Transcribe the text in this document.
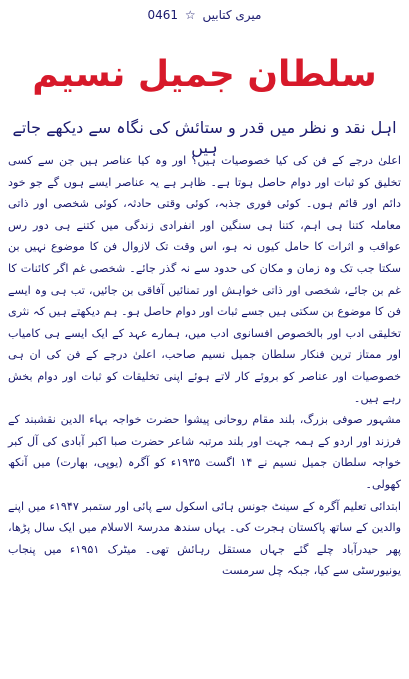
میری کتابیں ☆ 0461
سلطان جمیل نسیم
اہل نقد و نظر میں قدر و ستائش کی نگاہ سے دیکھے جاتے ہیں

اعلیٰ درجے کے فن کی کیا خصوصیات ہیں؟ اور وہ کیا عناصر ہیں جن سے کسی تخلیق کو ثبات اور دوام حاصل ہوتا ہے۔ ظاہر ہے یہ عناصر ایسے ہوں گے جو خود دائم اور قائم ہوں۔ کوئی فوری جذبہ، کوئی وقتی حادثہ، کوئی شخصی اور ذاتی معاملہ کتنا ہی اہم، کتنا ہی سنگین اور انفرادی زندگی میں کتنے ہی دور رس عواقب و اثرات کا حامل کیوں نہ ہو، اس وقت تک لازوال فن کا موضوع نہیں بن سکتا جب تک وہ زمان و مکان کی حدود سے نہ گذر جائے۔ شخصی غم اگر کائنات کا غم بن جائے، شخصی اور ذاتی خواہش اور تمنائیں آفاقی بن جائیں، تب ہی وہ ایسے فن کا موضوع بن سکتی ہیں جسے ثبات اور دوام حاصل ہو۔ ہم دیکھتے ہیں کہ نثری تخلیقی ادب اور بالخصوص افسانوی ادب میں، ہمارے عہد کے ایک ایسے ہی کامیاب اور ممتاز ترین فنکار سلطان جمیل نسیم صاحب، اعلیٰ درجے کے فن کی ان ہی خصوصیات اور عناصر کو بروئے کار لاتے ہوئے اپنی تخلیقات کو ثبات اور دوام بخش رہے ہیں۔

مشہور صوفی بزرگ، بلند مقام روحانی پیشوا حضرت خواجہ بہاء الدین نقشبند کے فرزند اور اردو کے ہمہ جہت اور بلند مرتبہ شاعر حضرت صبا اکبر آبادی کی آل کبر خواجہ سلطان جمیل نسیم نے ۱۴ اگست ۱۹۳۵ء کو آگرہ (یوپی، بھارت) میں آنکھ کھولی۔

ابتدائی تعلیم آگرہ کے سینٹ جونس ہائی اسکول سے پائی اور ستمبر ۱۹۴۷ء میں اپنے والدین کے ساتھ پاکستان ہجرت کی۔ یہاں سندھ مدرسۃ الاسلام میں ایک سال پڑھا، پھر حیدرآباد چلے گئے جہاں مستقل رہائش تھی۔ میٹرک ۱۹۵۱ء میں پنجاب یونیورسٹی سے کیا، جبکہ چل سرمست
